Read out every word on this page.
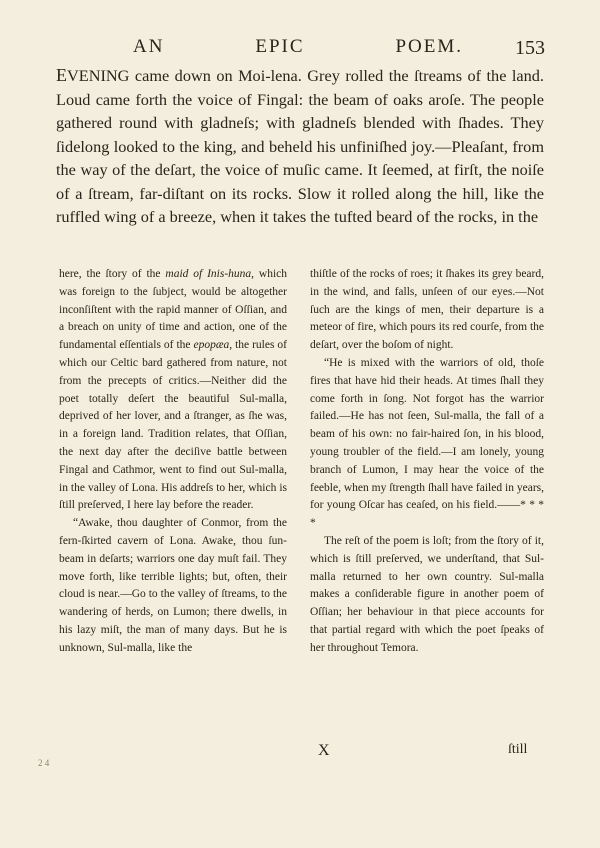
AN EPIC POEM.	153

EVENING came down on Moi-lena. Grey rolled the ſtreams of the land. Loud came forth the voice of Fingal: the beam of oaks aroſe. The people gathered round with gladneſs; with gladneſs blended with ſhades. They ſidelong looked to the king, and beheld his unfiniſhed joy.—Pleaſant, from the way of the deſart, the voice of muſic came. It ſeemed, at firſt, the noiſe of a ſtream, far-diſtant on its rocks. Slow it rolled along the hill, like the ruffled wing of a breeze, when it takes the tufted beard of the rocks, in the

here, the ſtory of the maid of Inis-huna, which was foreign to the ſubject, would be altogether inconſiſtent with the rapid manner of Oſſian, and a breach on unity of time and action, one of the fundamental eſſentials of the epopæa, the rules of which our Celtic bard gathered from nature, not from the precepts of critics.—Neither did the poet totally deſert the beautiful Sul-malla, deprived of her lover, and a ſtranger, as ſhe was, in a foreign land. Tradition relates, that Oſſian, the next day after the deciſive battle between Fingal and Cathmor, went to find out Sul-malla, in the valley of Lona. His addreſs to her, which is ſtill preſerved, I here lay before the reader.

“Awake, thou daughter of Conmor, from the fern-ſkirted cavern of Lona. Awake, thou ſun-beam in deſarts; warriors one day muſt fail. They move forth, like terrible lights; but, often, their cloud is near.—Go to the valley of ſtreams, to the wandering of herds, on Lumon; there dwells, in his lazy miſt, the man of many days. But he is unknown, Sul-malla, like the

thiſtle of the rocks of roes; it ſhakes its grey beard, in the wind, and falls, unſeen of our eyes.—Not ſuch are the kings of men, their departure is a meteor of fire, which pours its red courſe, from the deſart, over the boſom of night.

“He is mixed with the warriors of old, thoſe fires that have hid their heads. At times ſhall they come forth in ſong. Not forgot has the warrior failed.—He has not ſeen, Sul-malla, the fall of a beam of his own: no fair-haired ſon, in his blood, young troubler of the field.—I am lonely, young branch of Lumon, I may hear the voice of the feeble, when my ſtrength ſhall have failed in years, for young Oſcar has ceaſed, on his field.——* * * *

The reſt of the poem is loſt; from the ſtory of it, which is ſtill preſerved, we underſtand, that Sul-malla returned to her own country. Sul-malla makes a conſiderable figure in another poem of Oſſian; her behaviour in that piece accounts for that partial regard with which the poet ſpeaks of her throughout Temora.

X	ſtill
2 4
